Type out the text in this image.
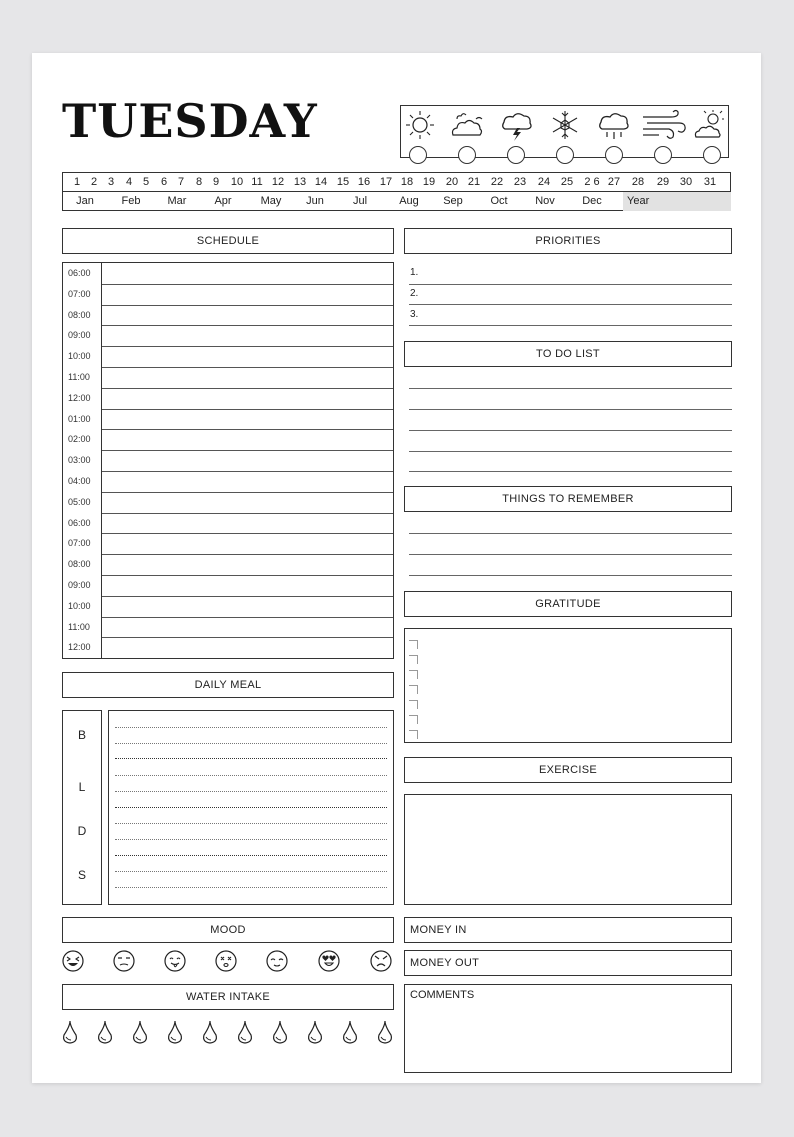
TUESDAY
1 2 3	4 5	6 7	8 9	10 11 12 13 14 15 16 17 18 19 20 21 22 23	24 25	2 6 27	28	29 30	31
Jan	Feb	Mar	Apr	May	Jun	Jul	Aug	Sep	Oct	Nov	Dec	Year
SCHEDULE
06:00
07:00
08:00
09:00
10:00
11:00
12:00
01:00
02:00
03:00
04:00
05:00
06:00
07:00
08:00
09:00
10:00
11:00
12:00
DAILY MEAL
B
L
D
S
MOOD
WATER INTAKE
PRIORITIES
1.
2.
3.
TO DO LIST
THINGS TO REMEMBER
GRATITUDE
EXERCISE
MONEY IN
MONEY OUT
COMMENTS
